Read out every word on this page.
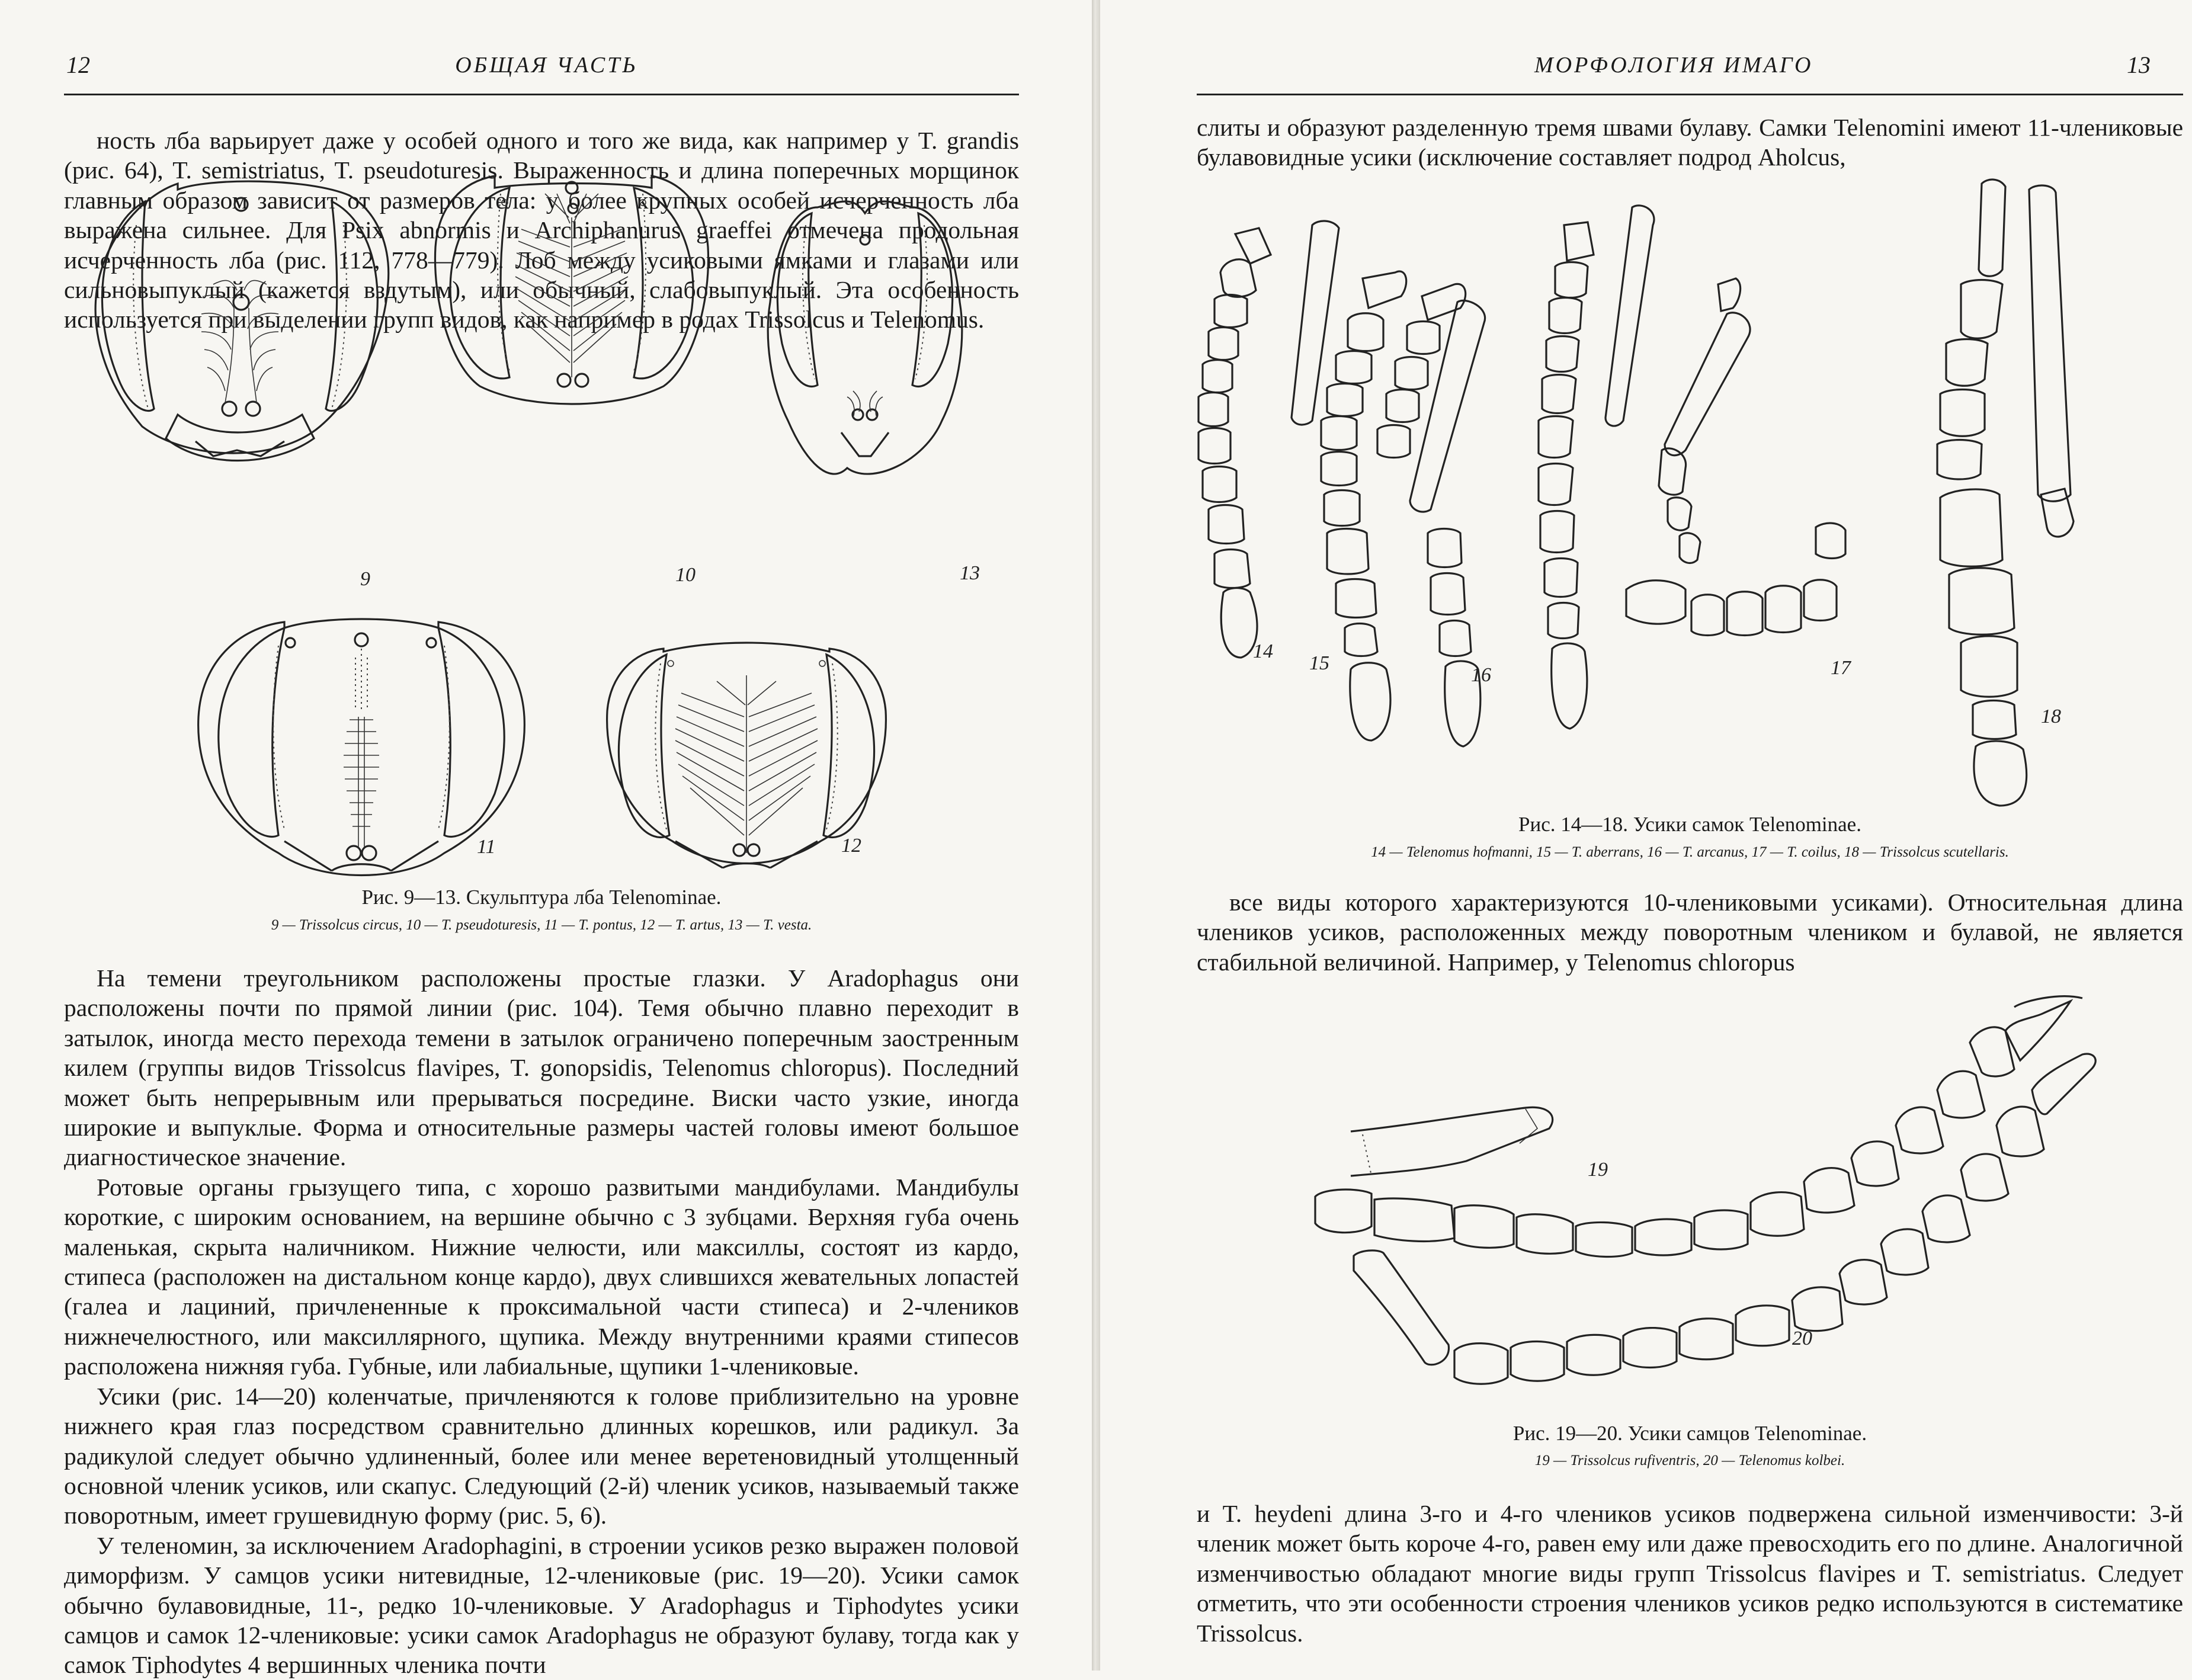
12	ОБЩАЯ ЧАСТЬ

ность лба варьирует даже у особей одного и того же вида, как например у T. grandis (рис. 64), T. semistriatus, T. pseudoturesis. Выраженность и длина поперечных морщинок главным образом зависит от размеров тела: у более крупных особей исчерченность лба выражена сильнее. Для Psix abnormis и Archiphanurus graeffei отмечена продольная исчерченность лба (рис. 112, 778—779). Лоб между усиковыми ямками и глазами или сильновыпуклый (кажется вздутым), или обычный, слабовыпуклый. Эта особенность используется при выделении групп видов, как например в родах Trissolcus и Telenomus.

9	10	13
11	12
Рис. 9—13. Скульптура лба Telenominae.
9 — Trissolcus circus, 10 — T. pseudoturesis, 11 — T. pontus, 12 — T. artus, 13 — T. vesta.

На темени треугольником расположены простые глазки. У Aradophagus они расположены почти по прямой линии (рис. 104). Темя обычно плавно переходит в затылок, иногда место перехода темени в затылок ограничено поперечным заостренным килем (группы видов Trissolcus flavipes, T. gonopsidis, Telenomus chloropus). Последний может быть непрерывным или прерываться посредине. Виски часто узкие, иногда широкие и выпуклые. Форма и относительные размеры частей головы имеют большое диагностическое значение.

Ротовые органы грызущего типа, с хорошо развитыми мандибулами. Мандибулы короткие, с широким основанием, на вершине обычно с 3 зубцами. Верхняя губа очень маленькая, скрыта наличником. Нижние челюсти, или максиллы, состоят из кардо, стипеса (расположен на дистальном конце кардо), двух слившихся жевательных лопастей (галеа и лациний, причлененные к проксимальной части стипеса) и 2-члеников нижнечелюстного, или максиллярного, щупика. Между внутренними краями стипесов расположена нижняя губа. Губные, или лабиальные, щупики 1-члениковые.

Усики (рис. 14—20) коленчатые, причленяются к голове приблизительно на уровне нижнего края глаз посредством сравнительно длинных корешков, или радикул. За радикулой следует обычно удлиненный, более или менее веретеновидный утолщенный основной членик усиков, или скапус. Следующий (2-й) членик усиков, называемый также поворотным, имеет грушевидную форму (рис. 5, 6).

У теленомин, за исключением Aradophagini, в строении усиков резко выражен половой диморфизм. У самцов усики нитевидные, 12-члениковые (рис. 19—20). Усики самок обычно булавовидные, 11-, редко 10-члениковые. У Aradophagus и Tiphodytes усики самцов и самок 12-члениковые: усики самок Aradophagus не образуют булаву, тогда как у самок Tiphodytes 4 вершинных членика почти

МОРФОЛОГИЯ ИМАГО	13

слиты и образуют разделенную тремя швами булаву. Самки Telenomini имеют 11-члениковые булавовидные усики (исключение составляет подрод Aholcus,

14
15
16	17
18
Рис. 14—18. Усики самок Telenominae.
14 — Telenomus hofmanni, 15 — T. aberrans, 16 — T. arcanus, 17 — T. coilus, 18 — Trissolcus scutellaris.

все виды которого характеризуются 10-члениковыми усиками). Относительная длина члеников усиков, расположенных между поворотным члеником и булавой, не является стабильной величиной. Например, у Telenomus chloropus

19
20
Рис. 19—20. Усики самцов Telenominae.
19 — Trissolcus rufiventris, 20 — Telenomus kolbei.

и T. heydeni длина 3-го и 4-го члеников усиков подвержена сильной изменчивости: 3-й членик может быть короче 4-го, равен ему или даже превосходить его по длине. Аналогичной изменчивостью обладают многие виды групп Trissolcus flavipes и T. semistriatus. Следует отметить, что эти особенности строения члеников усиков редко используются в систематике Trissolcus.
